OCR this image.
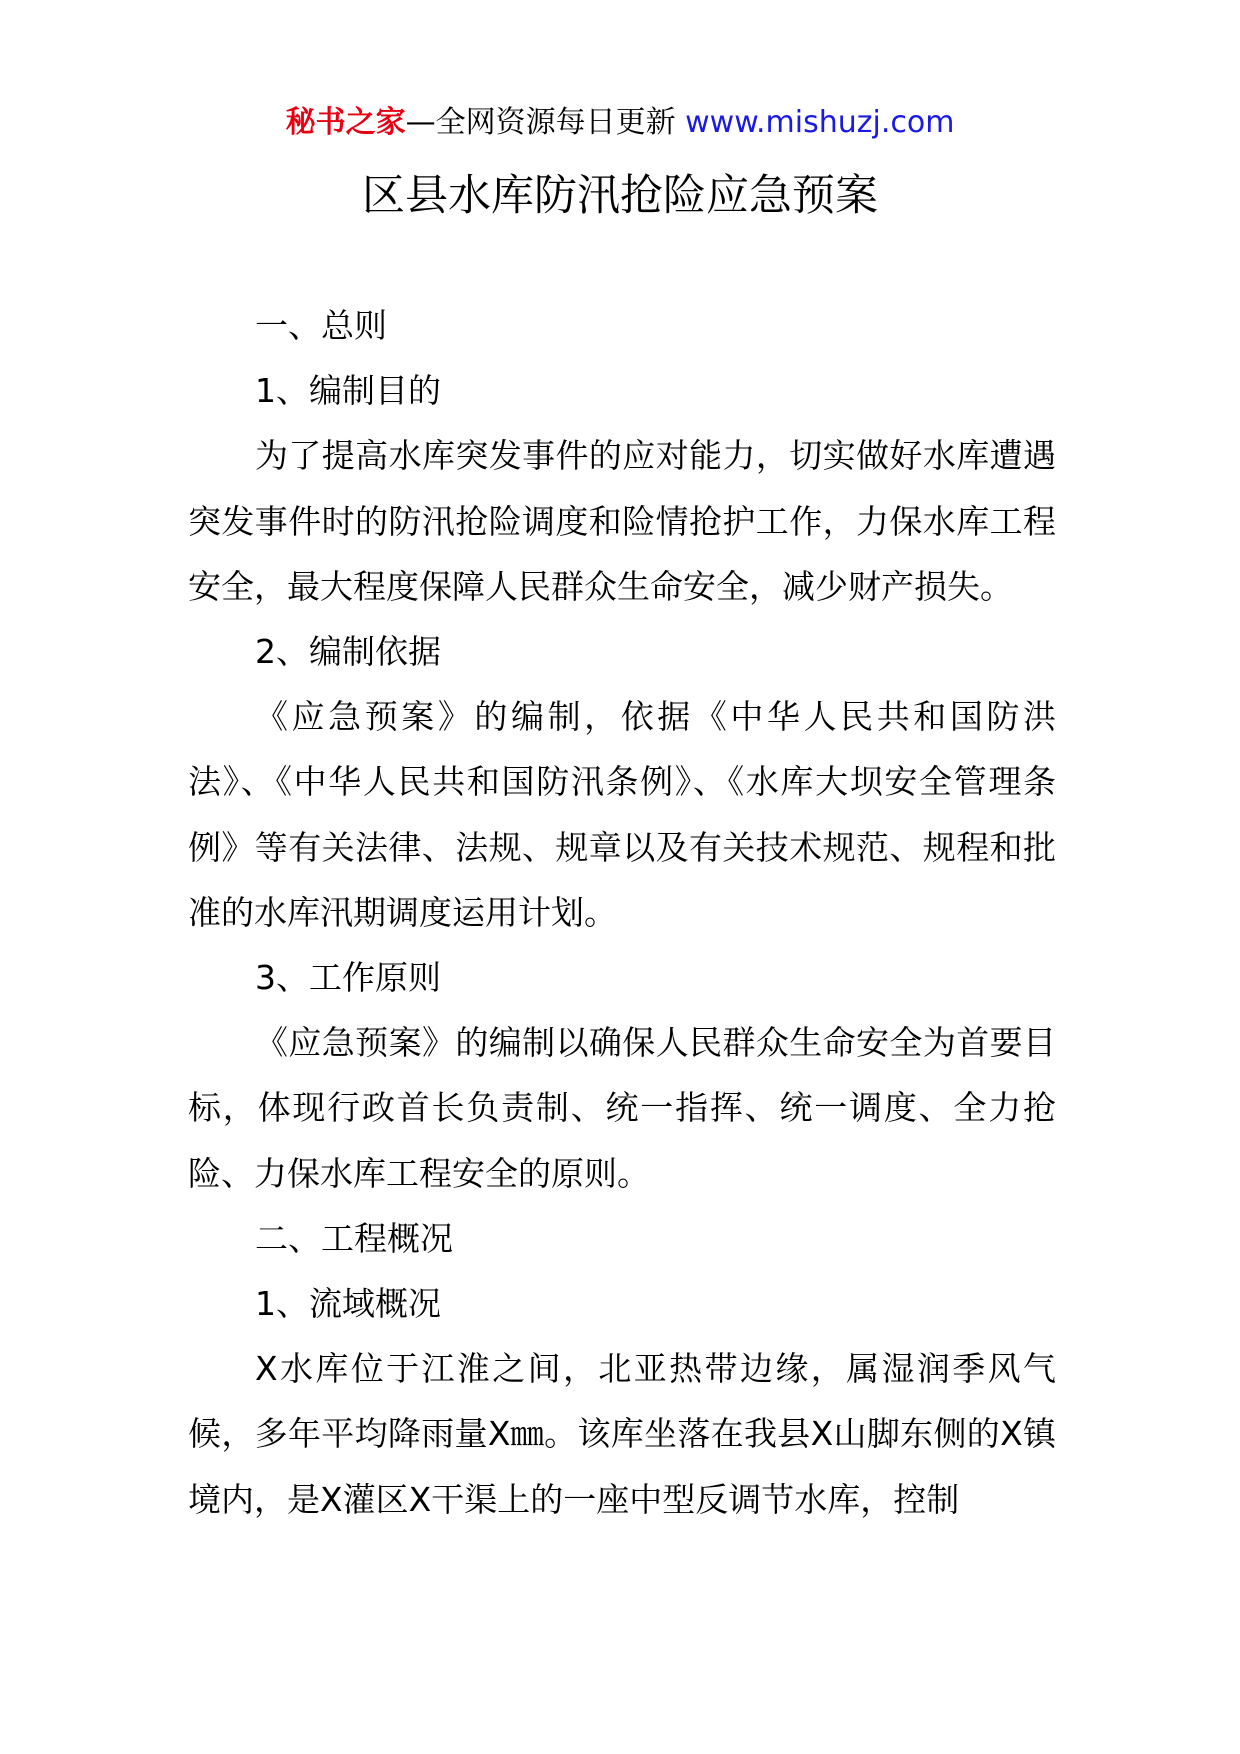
秘书之家—全网资源每日更新 www.mishuzj.com
区县水库防汛抢险应急预案

一、总则

1、编制目的

为了提高水库突发事件的应对能力，切实做好水库遭遇突发事件时的防汛抢险调度和险情抢护工作，力保水库工程安全，最大程度保障人民群众生命安全，减少财产损失。

2、编制依据

《应急预案》的编制，依据《中华人民共和国防洪法》、《中华人民共和国防汛条例》、《水库大坝安全管理条例》等有关法律、法规、规章以及有关技术规范、规程和批准的水库汛期调度运用计划。

3、工作原则

《应急预案》的编制以确保人民群众生命安全为首要目标，体现行政首长负责制、统一指挥、统一调度、全力抢险、力保水库工程安全的原则。

二、工程概况

1、流域概况

X水库位于江淮之间，北亚热带边缘，属湿润季风气候，多年平均降雨量X㎜。该库坐落在我县X山脚东侧的X镇境内，是X灌区X干渠上的一座中型反调节水库，控制
